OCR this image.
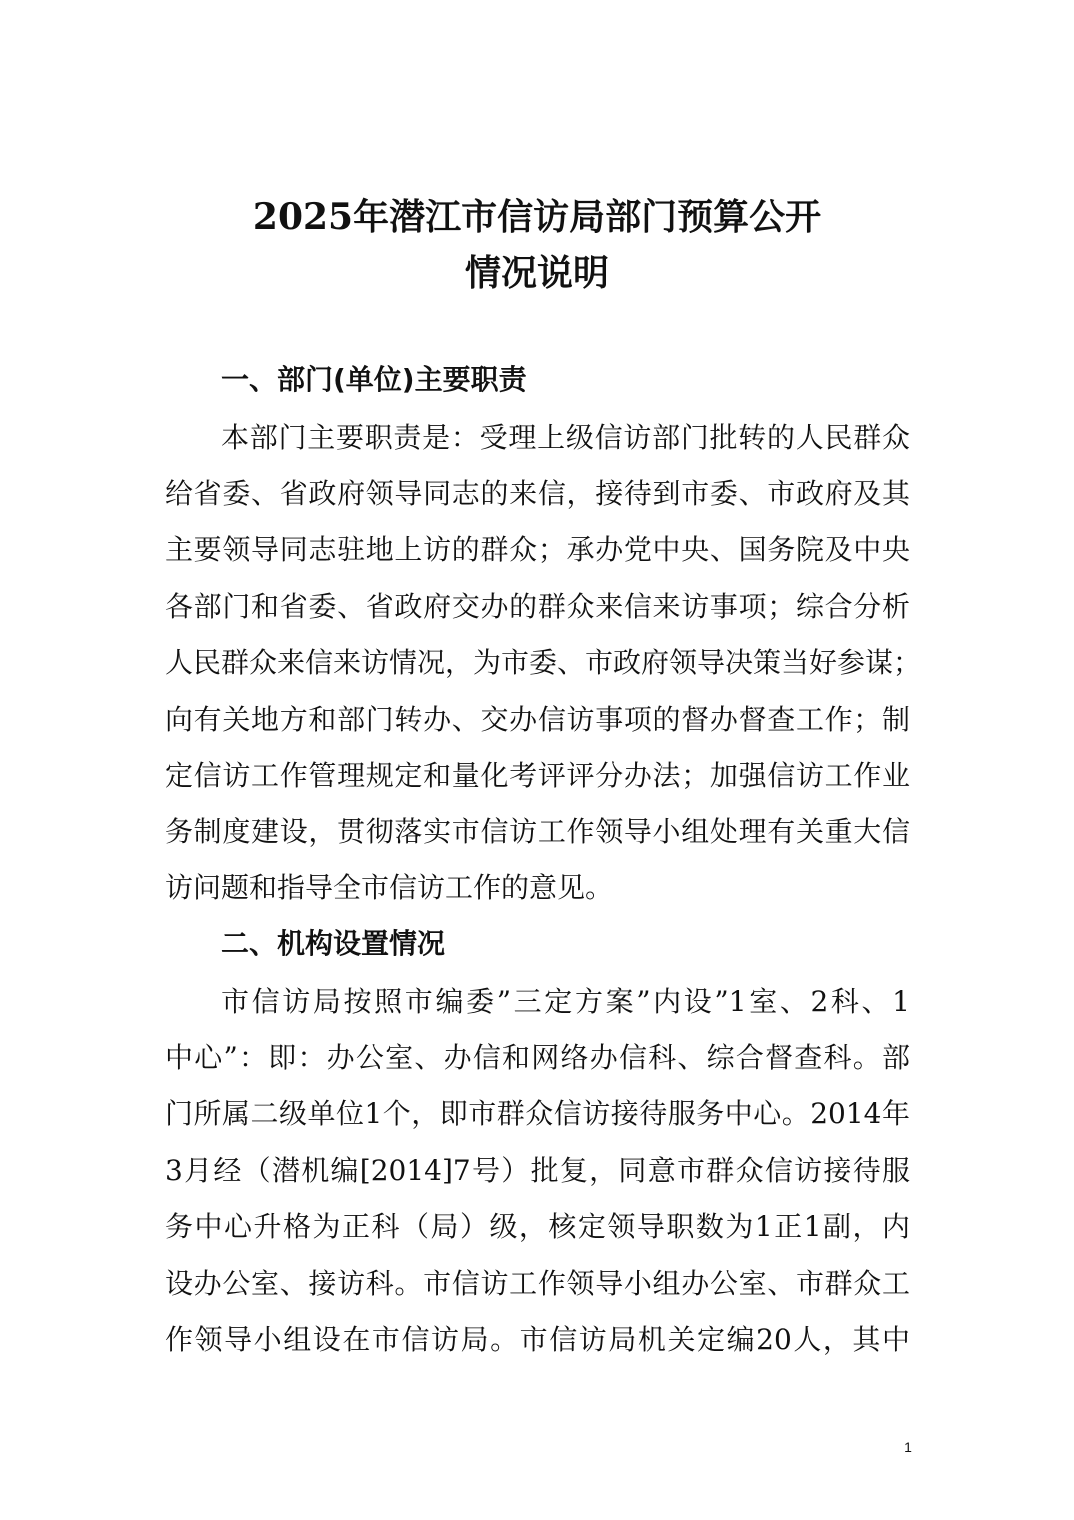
2025年潜江市信访局部门预算公开
情况说明
一、部门(单位)主要职责

本部门主要职责是：受理上级信访部门批转的人民群众

给省委、省政府领导同志的来信，接待到市委、市政府及其

主要领导同志驻地上访的群众；承办党中央、国务院及中央

各部门和省委、省政府交办的群众来信来访事项；综合分析

人民群众来信来访情况，为市委、市政府领导决策当好参谋；

向有关地方和部门转办、交办信访事项的督办督查工作；制

定信访工作管理规定和量化考评评分办法；加强信访工作业

务制度建设，贯彻落实市信访工作领导小组处理有关重大信

访问题和指导全市信访工作的意见。

二、机构设置情况

市信访局按照市编委”三定方案”内设”1室、2科、1

中心”：即：办公室、办信和网络办信科、综合督查科。部

门所属二级单位1个，即市群众信访接待服务中心。2014年

3月经（潜机编[2014]7号）批复，同意市群众信访接待服

务中心升格为正科（局）级，核定领导职数为1正1副，内

设办公室、接访科。市信访工作领导小组办公室、市群众工

作领导小组设在市信访局。市信访局机关定编20人，其中

1
